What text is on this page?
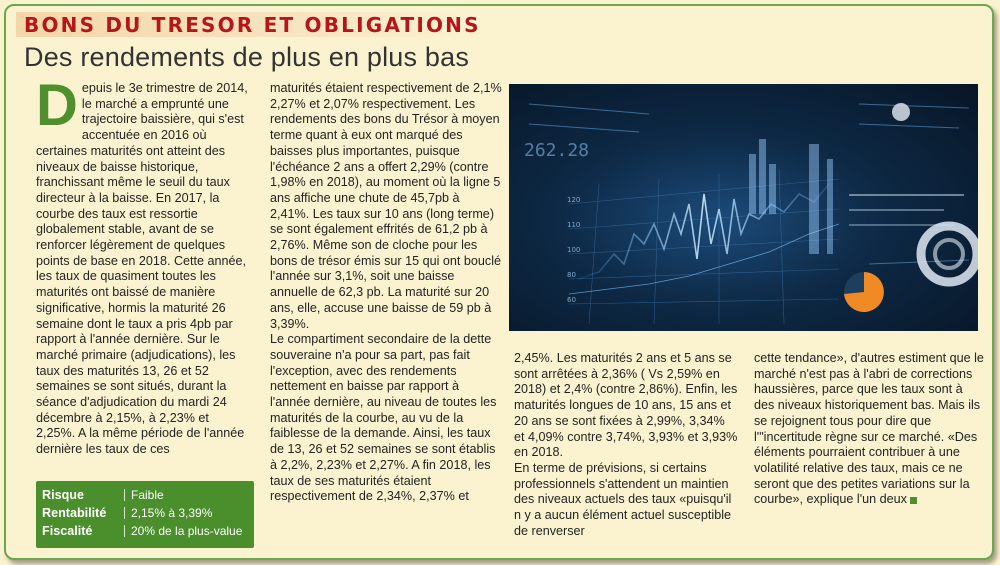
BONS DU TRESOR ET OBLIGATIONS
Des rendements de plus en plus bas
D epuis le 3e trimestre de 2014, le marché a emprunté une trajectoire baissière, qui s'est accentuée en 2016 où certaines maturités ont atteint des niveaux de baisse historique, franchissant même le seuil du taux directeur à la baisse. En 2017, la courbe des taux est ressortie globalement stable, avant de se renforcer légèrement de quelques points de base en 2018. Cette année, les taux de quasiment toutes les maturités ont baissé de manière significative, hormis la maturité 26 semaine dont le taux a pris 4pb par rapport à l'année dernière. Sur le marché primaire (adjudications), les taux des maturités 13, 26 et 52 semaines se sont situés, durant la séance d'adjudication du mardi 24 décembre à 2,15%, à 2,23% et 2,25%. A la même période de l'année dernière les taux de ces

Risque	Faible
Rentabilité	2,15% à 3,39%
Fiscalité	20% de la plus-value

maturités étaient respectivement de 2,1% 2,27% et 2,07% respectivement. Les rendements des bons du Trésor à moyen terme quant à eux ont marqué des baisses plus importantes, puisque l'échéance 2 ans a offert 2,29% (contre 1,98% en 2018), au moment où la ligne 5 ans affiche une chute de 45,7pb à 2,41%. Les taux sur 10 ans (long terme) se sont également effrités de 61,2 pb à 2,76%. Même son de cloche pour les bons de trésor émis sur 15 qui ont bouclé l'année sur 3,1%, soit une baisse annuelle de 62,3 pb. La maturité sur 20 ans, elle, accuse une baisse de 59 pb à 3,39%.

Le compartiment secondaire de la dette souveraine n'a pour sa part, pas fait l'exception, avec des rendements nettement en baisse par rapport à l'année dernière, au niveau de toutes les maturités de la courbe, au vu de la faiblesse de la demande. Ainsi, les taux de 13, 26 et 52 semaines se sont établis à 2,2%, 2,23% et 2,27%. A fin 2018, les taux de ses maturités étaient respectivement de 2,34%, 2,37% et

262.28
120
110
100
80
60

2,45%. Les maturités 2 ans et 5 ans se sont arrêtées à 2,36% ( Vs 2,59% en 2018) et 2,4% (contre 2,86%). Enfin, les maturités longues de 10 ans, 15 ans et 20 ans se sont fixées à 2,99%, 3,34% et 4,09% contre 3,74%, 3,93% et 3,93% en 2018.

En terme de prévisions, si certains professionnels s'attendent un maintien des niveaux actuels des taux «puisqu'il n y a aucun élément actuel susceptible de renverser

cette tendance», d'autres estiment que le marché n'est pas à l'abri de corrections haussières, parce que les taux sont à des niveaux historiquement bas. Mais ils se rejoignent tous pour dire que l'"incertitude règne sur ce marché. «Des éléments pourraient contribuer à une volatilité relative des taux, mais ce ne seront que des petites variations sur la courbe», explique l'un deux
